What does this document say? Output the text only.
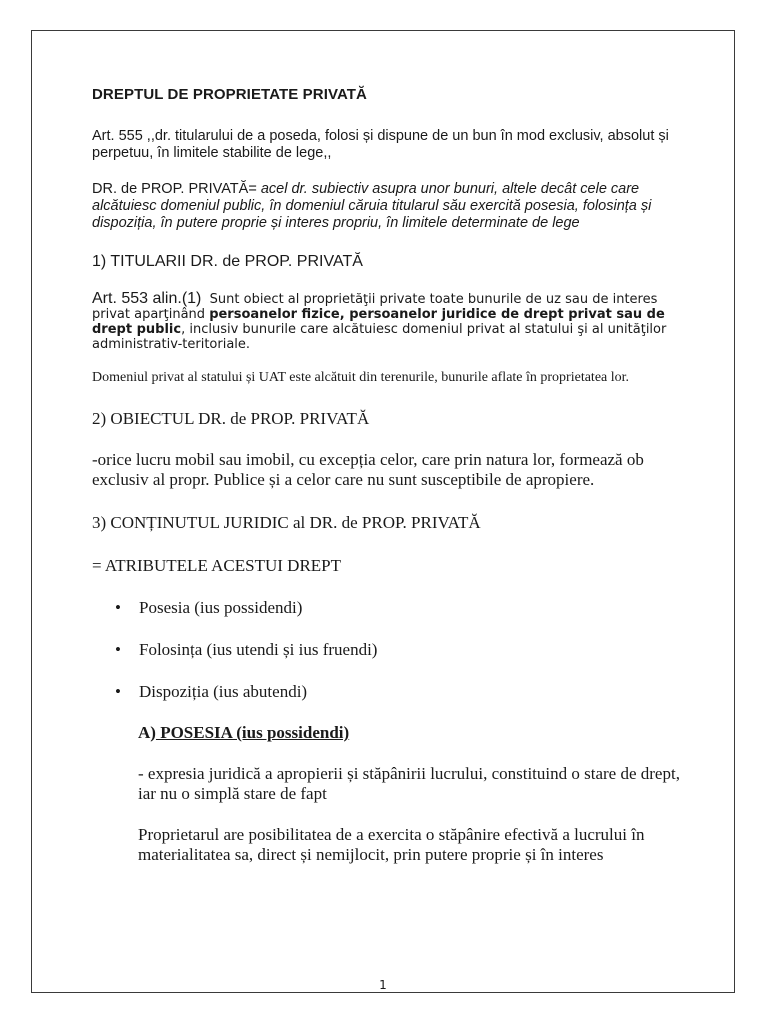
DREPTUL DE PROPRIETATE PRIVATĂ

Art. 555 ,,dr. titularului de a poseda, folosi și dispune de un bun în mod exclusiv, absolut și perpetuu, în limitele stabilite de lege,,

DR. de PROP. PRIVATĂ= acel dr. subiectiv asupra unor bunuri, altele decât cele care alcătuiesc domeniul public, în domeniul căruia titularul său exercită posesia, folosința și dispoziția, în putere proprie și interes propriu, în limitele determinate de lege

1) TITULARII DR. de PROP. PRIVATĂ

Art. 553 alin.(1) Sunt obiect al proprietăţii private toate bunurile de uz sau de interes privat aparţinând persoanelor fizice, persoanelor juridice de drept privat sau de drept public, inclusiv bunurile care alcătuiesc domeniul privat al statului şi al unităţilor administrativ-teritoriale.

Domeniul privat al statului și UAT este alcătuit din terenurile, bunurile aflate în proprietatea lor.

2) OBIECTUL DR. de PROP. PRIVATĂ

-orice lucru mobil sau imobil, cu excepția celor, care prin natura lor, formează ob exclusiv al propr. Publice și a celor care nu sunt susceptibile de apropiere.

3) CONȚINUTUL JURIDIC al DR. de PROP. PRIVATĂ

= ATRIBUTELE ACESTUI DREPT

• Posesia (ius possidendi)
• Folosința (ius utendi și ius fruendi)
• Dispoziția (ius abutendi)

A) POSESIA (ius possidendi)

- expresia juridică a apropierii și stăpânirii lucrului, constituind o stare de drept, iar nu o simplă stare de fapt

Proprietarul are posibilitatea de a exercita o stăpânire efectivă a lucrului în materialitatea sa, direct și nemijlocit, prin putere proprie și în interes

1
